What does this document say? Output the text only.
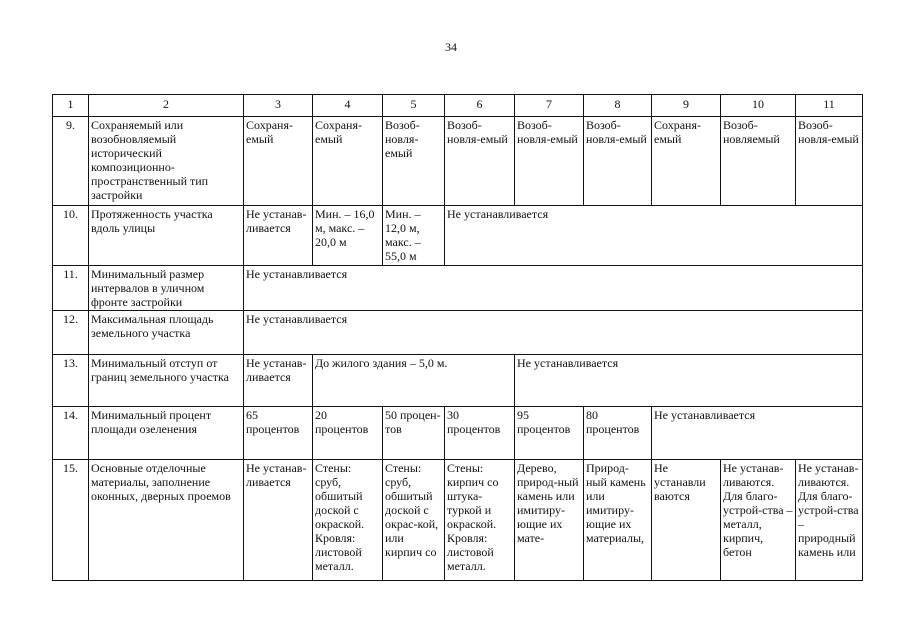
34
1	2	3	4	5	6	7	8	9	10	11
9.	Сохраняемый или возобновляемый исторический композиционно-пространственный тип застройки	Сохраня-емый	Сохраня-емый	Возоб-новля-емый	Возоб-новля-емый	Возоб-новля-емый	Возоб-новля-емый	Сохраня-емый	Возоб-новляемый	Возоб-новля-емый
10.	Протяженность участка вдоль улицы	Не устанав-ливается	Мин. – 16,0 м, макс. – 20,0 м	Мин. – 12,0 м, макс. – 55,0 м	Не устанавливается					
11.	Минимальный размер интервалов в уличном фронте застройки	Не устанавливается								
12.	Максимальная площадь земельного участка	Не устанавливается								
13.	Минимальный отступ от границ земельного участка	Не устанав-ливается	До жилого здания – 5,0 м.			Не устанавливается				
14.	Минимальный процент площади озеленения	65 процентов	20 процентов	50 процен-тов	30 процентов	95 процентов	80 процентов	Не устанавливается		
15.	Основные отделочные материалы, заполнение оконных, дверных проемов	Не устанав-ливается	Стены: сруб, обшитый доской с окраской. Кровля: листовой металл.	Стены: сруб, обшитый доской с окрас-кой, или кирпич со	Стены: кирпич со штука-туркой и окраской. Кровля: листовой металл.	Дерево, природ-ный камень или имитиру-ющие их мате-	Природ-ный камень или имитиру-ющие их материалы,	Не устанавли ваются	Не устанав-ливаются. Для благо-устрой-ства – металл, кирпич, бетон	Не устанав-ливаются. Для благо-устрой-ства – природный камень или
